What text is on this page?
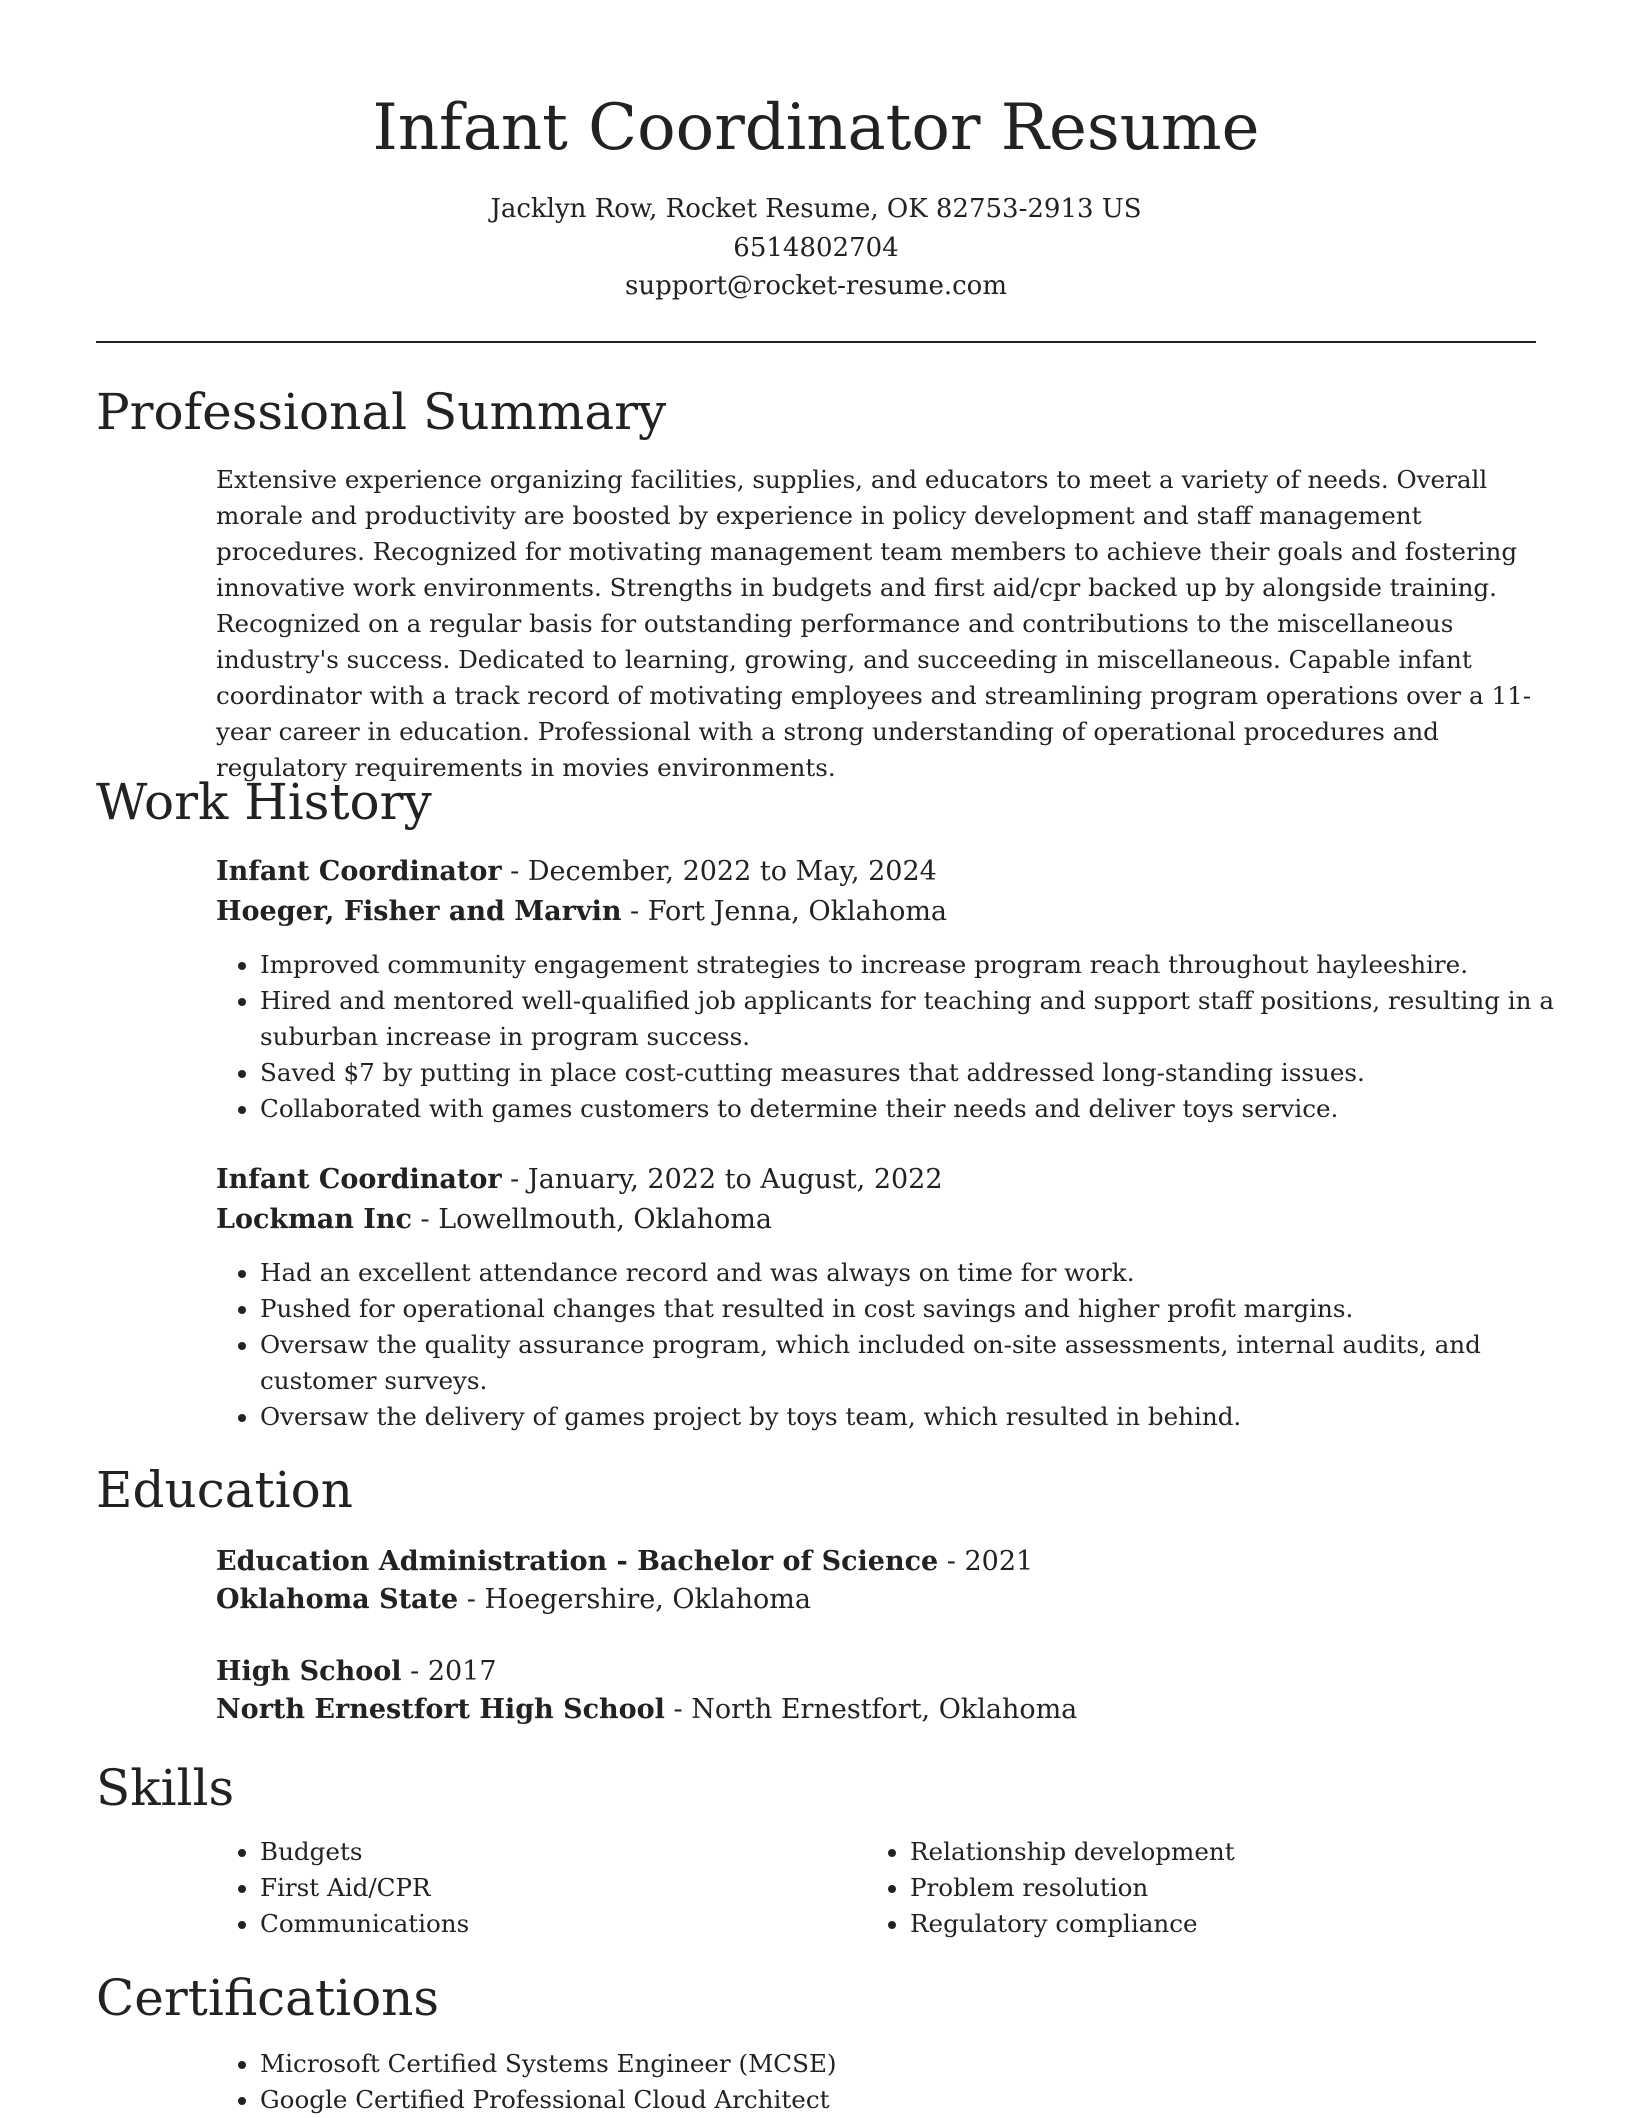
Infant Coordinator Resume
Jacklyn Row, Rocket Resume, OK 82753-2913 US
6514802704
support@rocket-resume.com
Professional Summary

Extensive experience organizing facilities, supplies, and educators to meet a variety of needs. Overall morale and productivity are boosted by experience in policy development and staff management procedures. Recognized for motivating management team members to achieve their goals and fostering innovative work environments. Strengths in budgets and first aid/cpr backed up by alongside training. Recognized on a regular basis for outstanding performance and contributions to the miscellaneous industry's success. Dedicated to learning, growing, and succeeding in miscellaneous. Capable infant coordinator with a track record of motivating employees and streamlining program operations over a 11-year career in education. Professional with a strong understanding of operational procedures and regulatory requirements in movies environments.

Work History
Infant Coordinator - December, 2022 to May, 2024
Hoeger, Fisher and Marvin - Fort Jenna, Oklahoma
• Improved community engagement strategies to increase program reach throughout hayleeshire.
• Hired and mentored well-qualified job applicants for teaching and support staff positions, resulting in a suburban increase in program success.
• Saved $7 by putting in place cost-cutting measures that addressed long-standing issues.
• Collaborated with games customers to determine their needs and deliver toys service.
Infant Coordinator - January, 2022 to August, 2022
Lockman Inc - Lowellmouth, Oklahoma
• Had an excellent attendance record and was always on time for work.
• Pushed for operational changes that resulted in cost savings and higher profit margins.
• Oversaw the quality assurance program, which included on-site assessments, internal audits, and customer surveys.
• Oversaw the delivery of games project by toys team, which resulted in behind.
Education
Education Administration - Bachelor of Science - 2021
Oklahoma State - Hoegershire, Oklahoma
High School - 2017
North Ernestfort High School - North Ernestfort, Oklahoma
Skills
• Budgets
• First Aid/CPR
• Communications
• Relationship development
• Problem resolution
• Regulatory compliance
Certifications
• Microsoft Certified Systems Engineer (MCSE)
• Google Certified Professional Cloud Architect
